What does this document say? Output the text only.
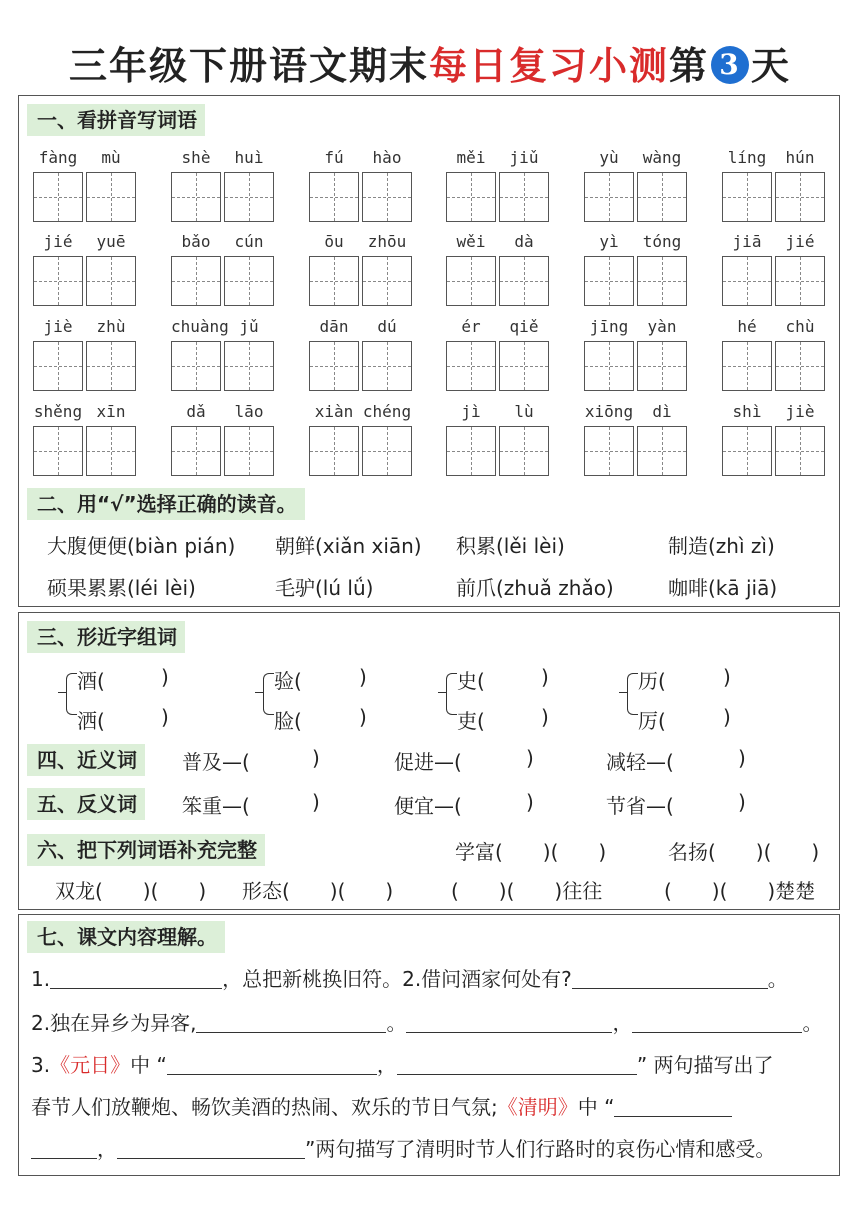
三年级下册语文期末每日复习小测第 3 天
一、看拼音写词语
fàng	mù	shè	huì	fú	hào	měi	jiǔ	yù	wàng	líng	hún
jié	yuē	bǎo	cún	ōu	zhōu	wěi	dà	yì	tóng	jiā	jié
jiè	zhù	chuàng jǔ	dān	dú	ér	qiě	jīng	yàn	hé	chù
shěng xīn	dǎ	lāo	xiàn chéng	jì	lù	xiōng	dì	shì	jiè
二、用“√”选择正确的读音。
大腹便便(biàn pián) 朝鲜(xiǎn xiān) 积累(lěi lèi)	制造(zhì zì)
硕果累累(léi lèi)	毛驴(lú lǘ)	前爪(zhuǎ zhǎo)	咖啡(kā jiā)
三、形近字组词
酒(	)
洒(	)
验(	)
脸(	)
史(	)
吏(	)
历(	)
厉(	)
四、近义词	普及—(	)	促进—(	)	减轻—(	)
五、反义词	笨重—(	)	便宜—(	)	节省—(	)
六、把下列词语补充完整	学富(　　)(　　)	名扬(　　)(　　)
双龙(　　)(　　) 形态(　　)(　　)	(　　)(　　)往往	(　　)(　　)楚楚
七、课文内容理解。
1.	，总把新桃换旧符。2.借问酒家何处有?	。
2.独在异乡为异客,	。	，	。
3.《元日》中 “	，	” 两句描写出了
春节人们放鞭炮、畅饮美酒的热闹、欢乐的节日气氛;《清明》中 “
，	”两句描写了清明时节人们行路时的哀伤心情和感受。
